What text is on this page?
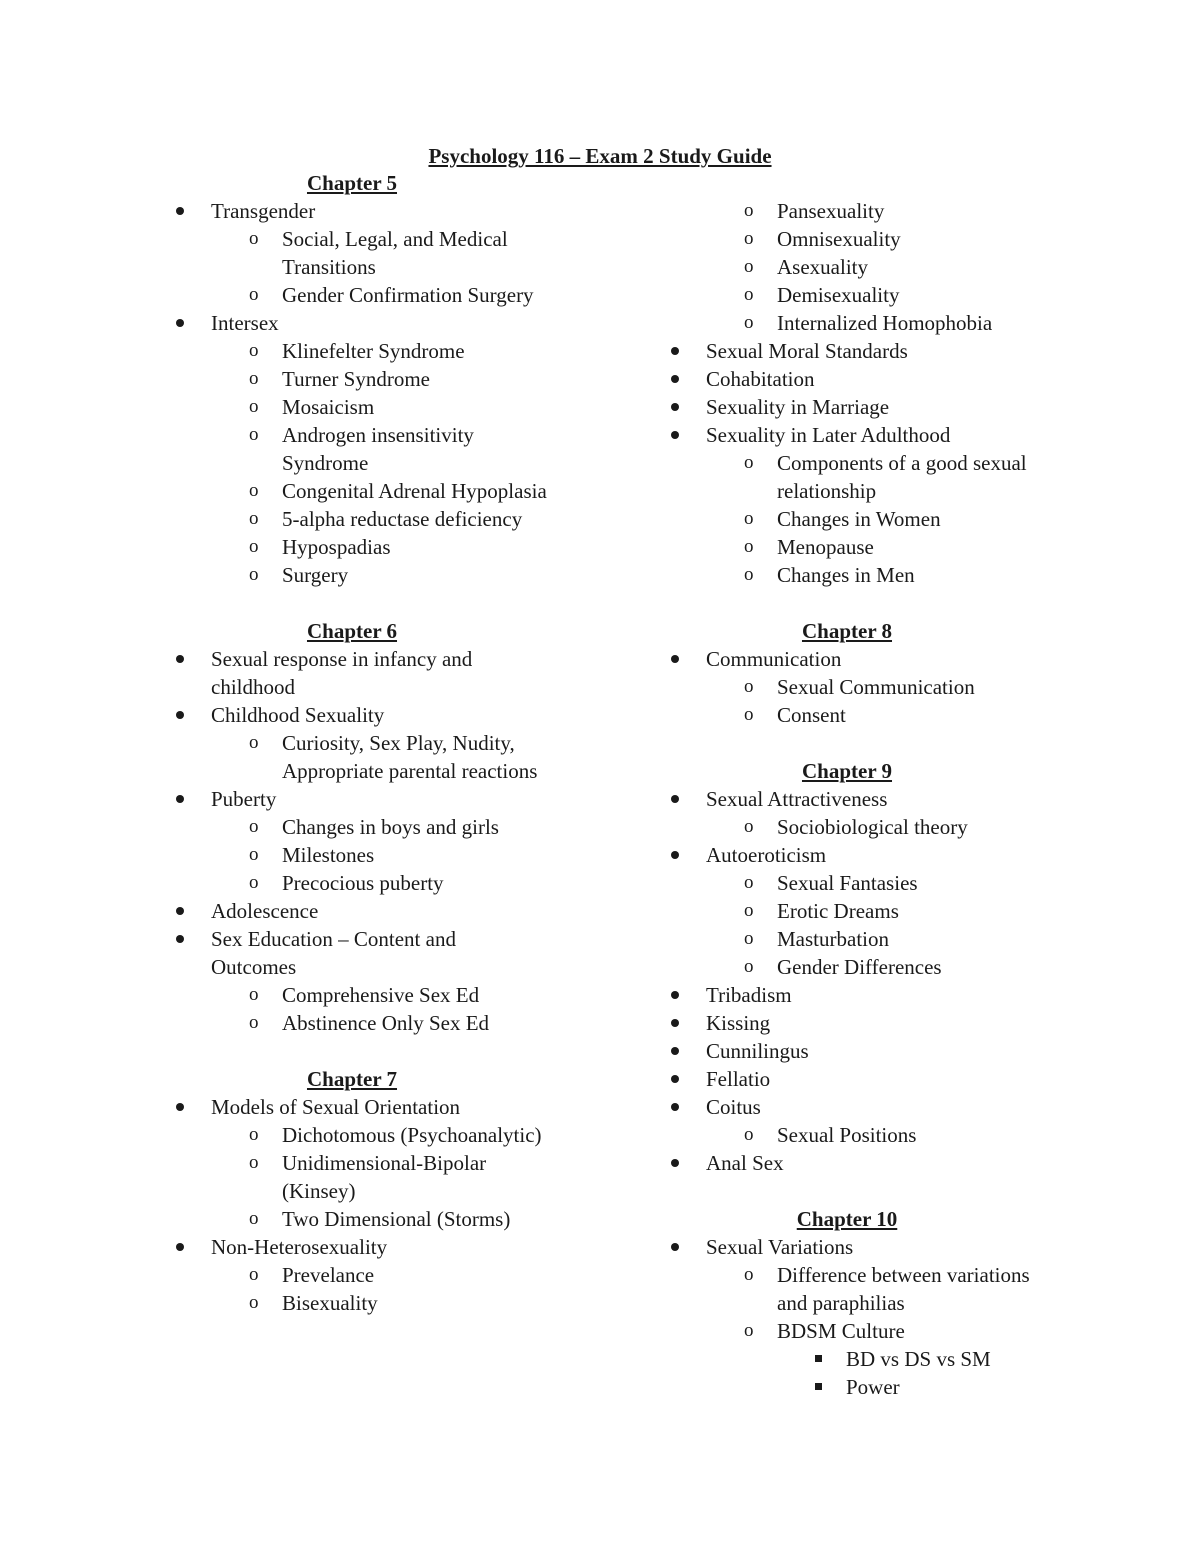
Psychology 116 – Exam 2 Study Guide
Chapter 5
Transgender
o	Social, Legal, and Medical Transitions
o	Gender Confirmation Surgery
Intersex
o	Klinefelter Syndrome
o	Turner Syndrome
o	Mosaicism
o	Androgen insensitivity Syndrome
o	Congenital Adrenal Hypoplasia
o	5-alpha reductase deficiency
o	Hypospadias
o	Surgery
Chapter 6
Sexual response in infancy and childhood
Childhood Sexuality
o	Curiosity, Sex Play, Nudity, Appropriate parental reactions
Puberty
o	Changes in boys and girls
o	Milestones
o	Precocious puberty
Adolescence
Sex Education – Content and Outcomes
o	Comprehensive Sex Ed
o	Abstinence Only Sex Ed
Chapter 7
Models of Sexual Orientation
o	Dichotomous (Psychoanalytic)
o	Unidimensional-Bipolar (Kinsey)
o	Two Dimensional (Storms)
Non-Heterosexuality
o	Prevelance
o	Bisexuality
o	Pansexuality
o	Omnisexuality
o	Asexuality
o	Demisexuality
o	Internalized Homophobia
Sexual Moral Standards
Cohabitation
Sexuality in Marriage
Sexuality in Later Adulthood
o	Components of a good sexual relationship
o	Changes in Women
o	Menopause
o	Changes in Men
Chapter 8
Communication
o	Sexual Communication
o	Consent
Chapter 9
Sexual Attractiveness
o	Sociobiological theory
Autoeroticism
o	Sexual Fantasies
o	Erotic Dreams
o	Masturbation
o	Gender Differences
Tribadism
Kissing
Cunnilingus
Fellatio
Coitus
o	Sexual Positions
Anal Sex
Chapter 10
Sexual Variations
o	Difference between variations and paraphilias
o	BDSM Culture
BD vs DS vs SM
Power
